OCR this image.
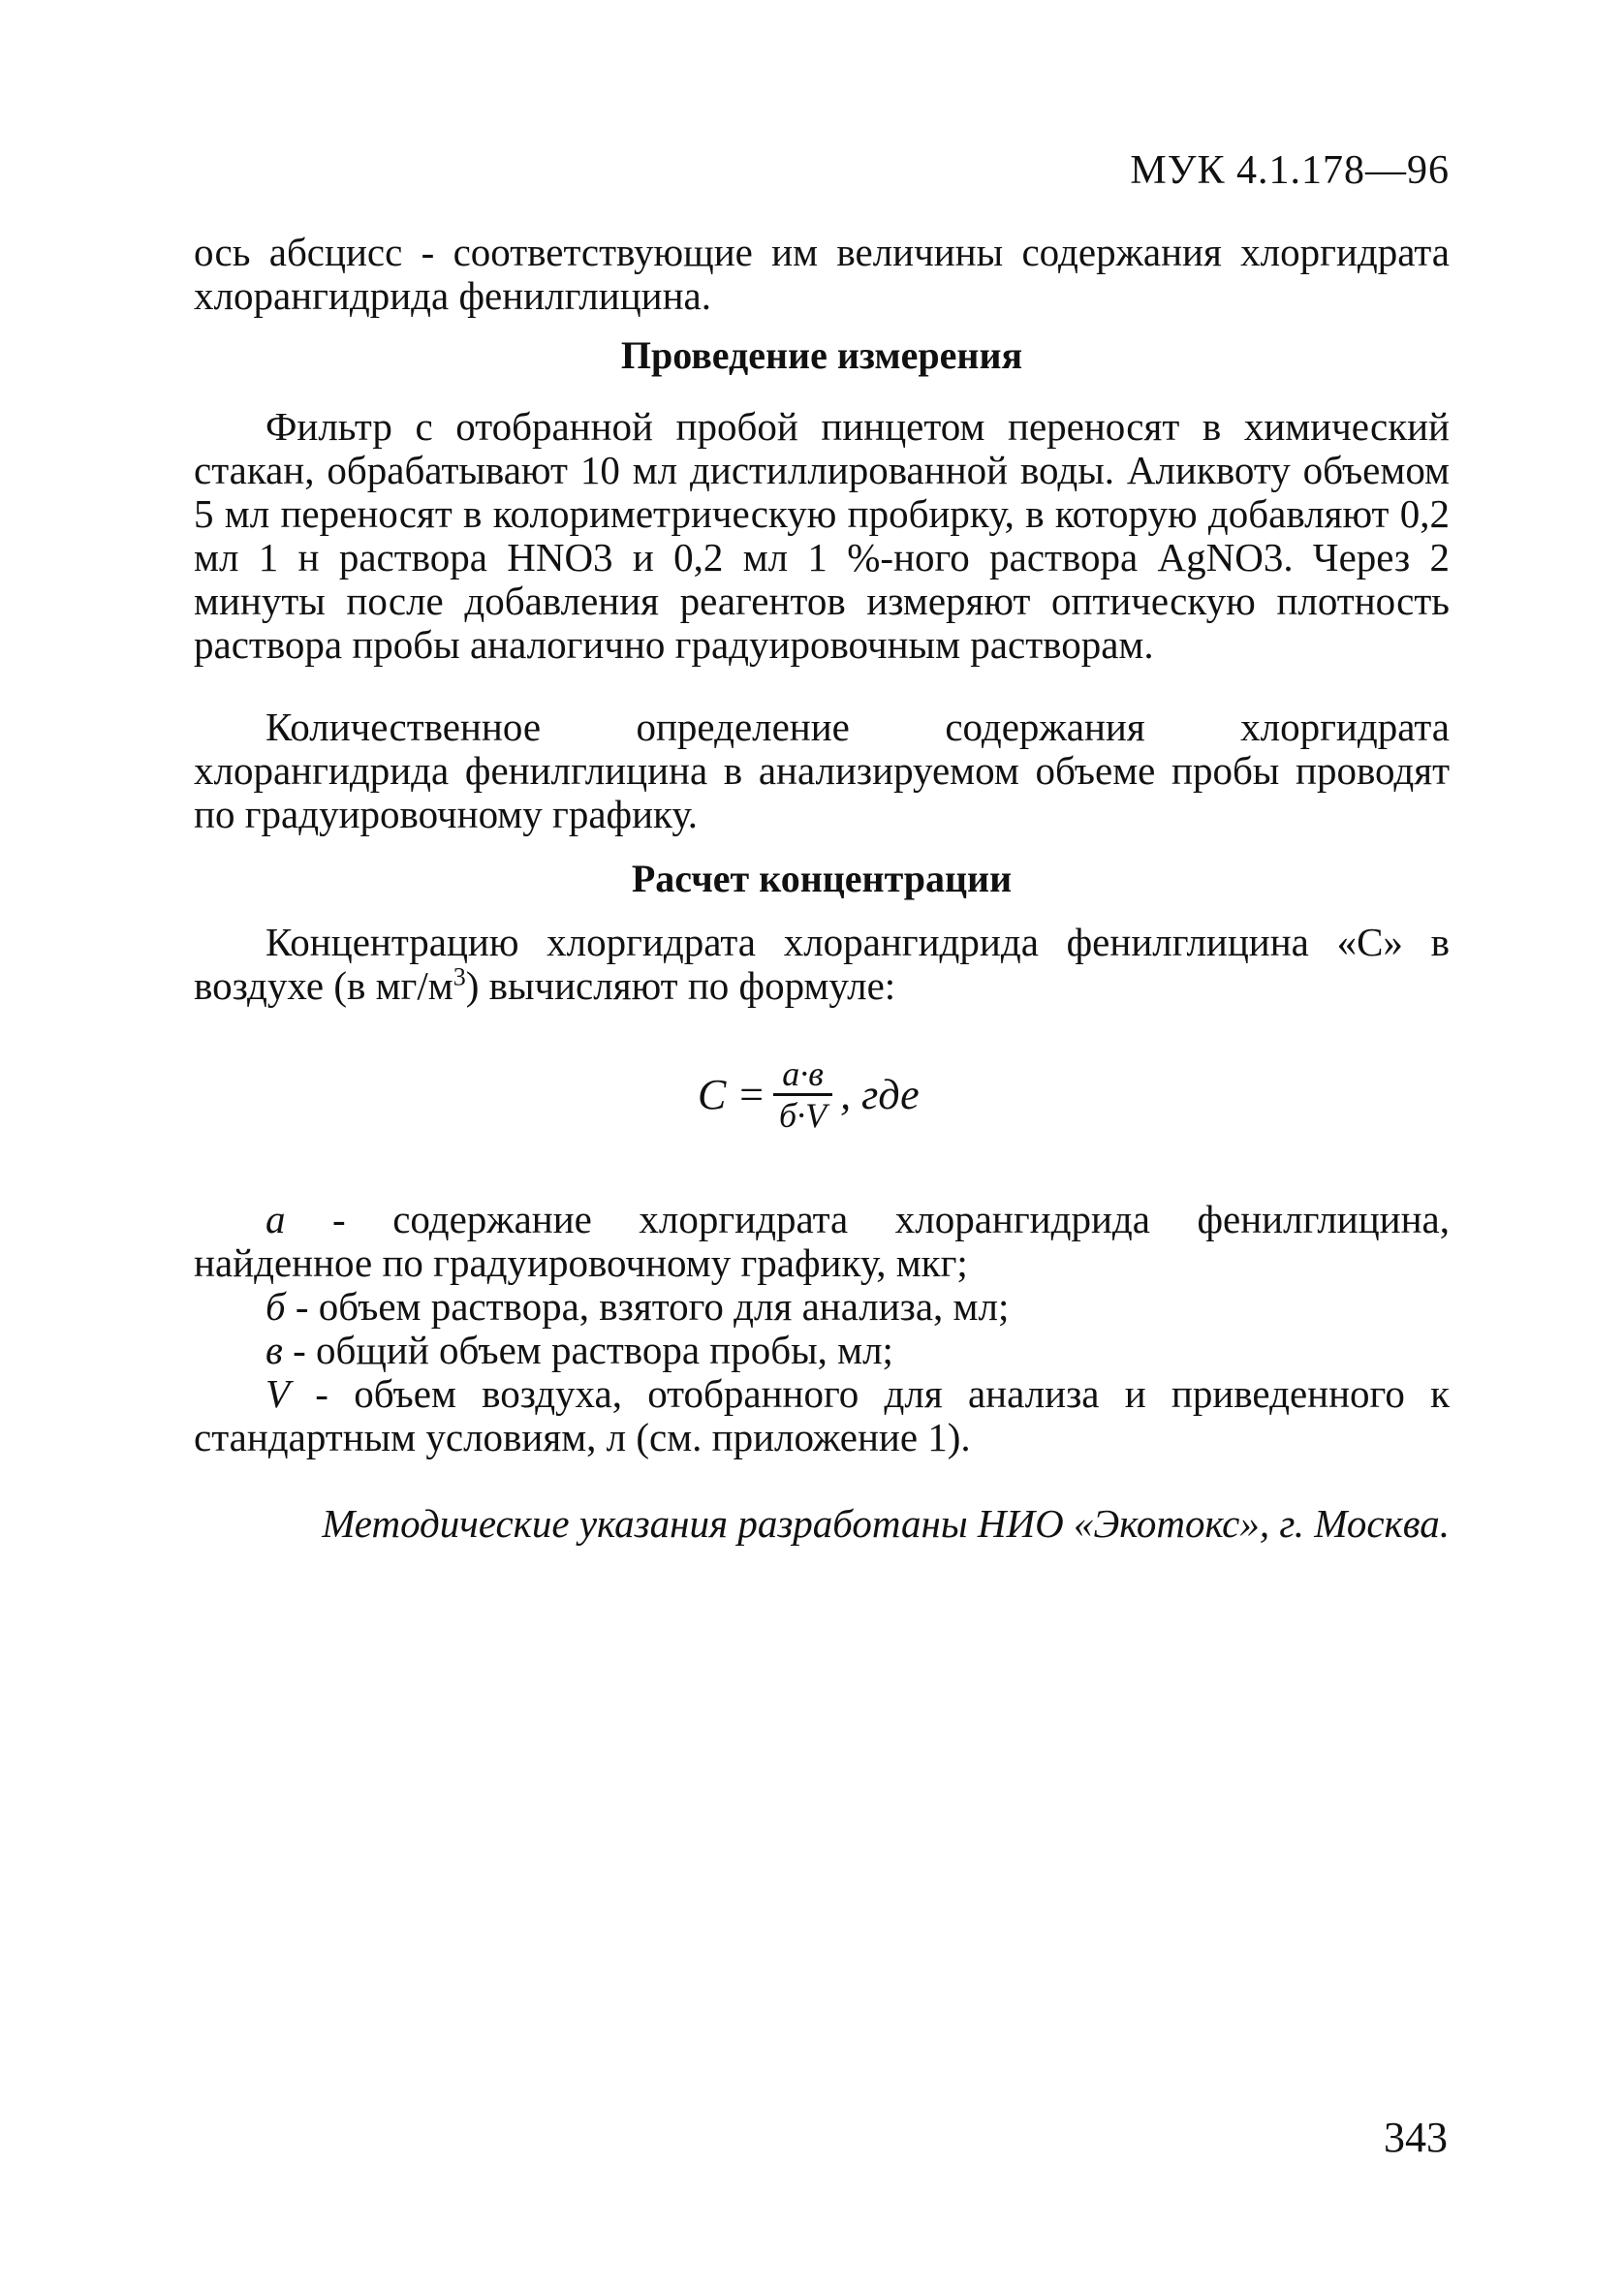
МУК 4.1.178—96
ось абсцисс - соответствующие им величины содержания хлоргидрата хлорангидрида фенилглицина.
Проведение измерения
Фильтр с отобранной пробой пинцетом переносят в химический стакан, обрабатывают 10 мл дистиллированной воды. Аликвоту объемом 5 мл переносят в колориметрическую пробирку, в которую добавляют 0,2 мл 1 н раствора HNO3 и 0,2 мл 1 %-ного раствора AgNO3. Через 2 минуты после добавления реагентов измеряют оптическую плотность раствора пробы аналогично градуировочным растворам.
Количественное определение содержания хлоргидрата хлорангидрида фенилглицина в анализируемом объеме пробы проводят по градуировочному графику.
Расчет концентрации
Концентрацию хлоргидрата хлорангидрида фенилглицина «C» в воздухе (в $мг/м^3$) вычисляют по формуле:
$C = \frac{а\cdot в}{б\cdot V}$ , где
а - содержание хлоргидрата хлорангидрида фенилглицина, найденное по градуировочному графику, мкг;
б - объем раствора, взятого для анализа, мл;
в - общий объем раствора пробы, мл;
V - объем воздуха, отобранного для анализа и приведенного к стандартным условиям, л (см. приложение 1).
Методические указания разработаны НИО «Экотокс», г. Москва.
343
